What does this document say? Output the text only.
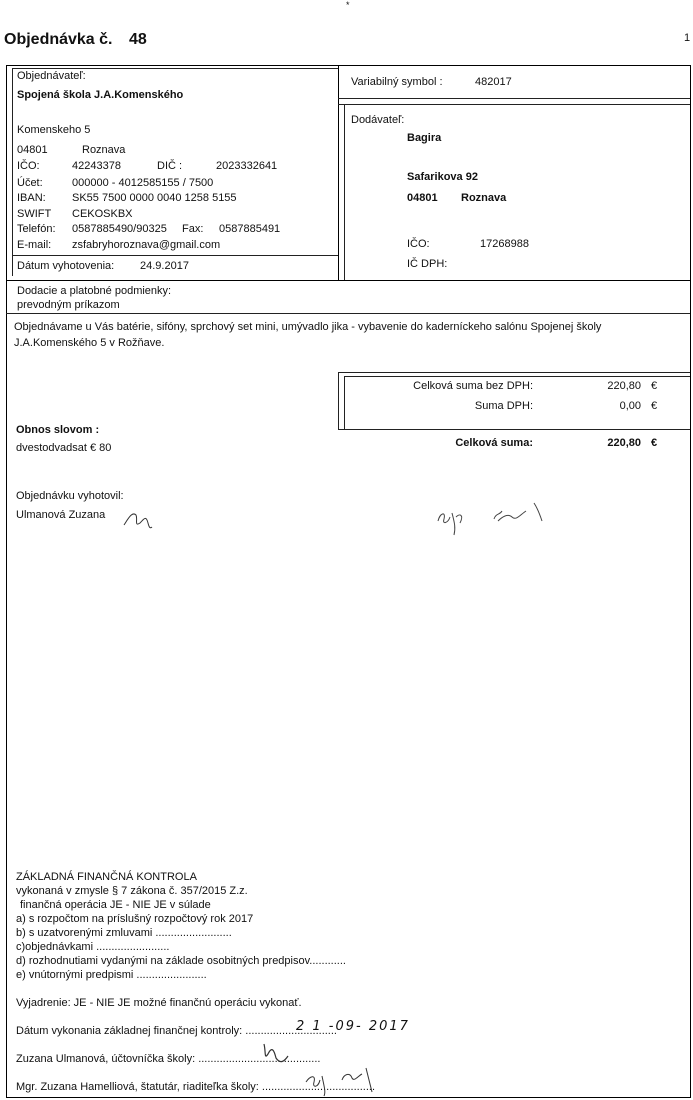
*
Objednávka č. 48	1
Objednávateľ:
Spojená škola J.A.Komenského
Komenskeho 5
04801	Roznava
IČO:	42243378	DIČ :	2023332641
Účet:	000000 - 4012585155 / 7500
IBAN: SK55 7500 0000 0040 1258 5155
SWIFT CEKOSKBX
Telefón: 0587885490/90325 Fax: 0587885491
E-mail: zsfabryhoroznava@gmail.com
Dátum vyhotovenia: 24.9.2017
Variabilný symbol :	482017
Dodávateľ:
Bagira
Safarikova 92
04801 Roznava
IČO:	17268988
IČ DPH:
Dodacie a platobné podmienky:
prevodným príkazom
Objednávame u Vás batérie, sifóny, sprchový set mini, umývadlo jika - vybavenie do kaderníckeho salónu Spojenej školy
J.A.Komenského 5 v Rožňave.
Celková suma bez DPH:	220,80 €
Suma DPH:	0,00 €
Celková suma:	220,80 €
Obnos slovom :
dvestodvadsat € 80
Objednávku vyhotovil:
Ulmanová Zuzana
ZÁKLADNÁ FINANČNÁ KONTROLA
vykonaná v zmysle § 7 zákona č. 357/2015 Z.z.
finančná operácia JE - NIE JE v súlade
a) s rozpočtom na príslušný rozpočtový rok 2017
b) s uzatvorenými zmluvami .........................
c)objednávkami ........................
d) rozhodnutiami vydanými na základe osobitných predpisov............
e) vnútornými predpismi .......................
Vyjadrenie: JE - NIE JE možné finančnú operáciu vykonať.
Dátum vykonania základnej finančnej kontroly: ..............................
2 1 -09- 2017
Zuzana Ulmanová, účtovníčka školy: ........................................
Mgr. Zuzana Hamelliová, štatutár, riaditeľka školy: .....................................
